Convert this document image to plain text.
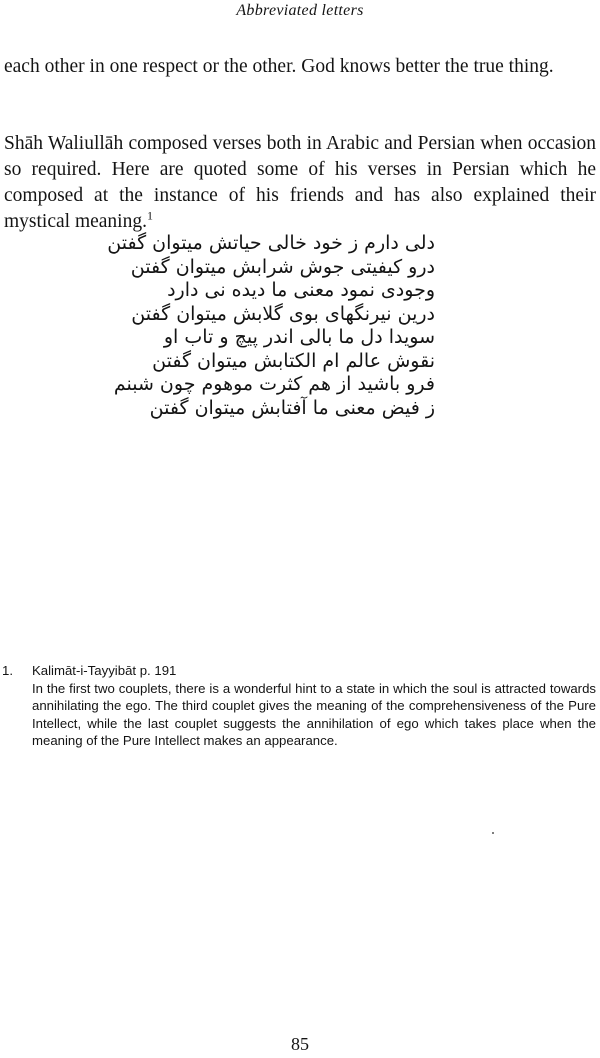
Abbreviated letters

each other in one respect or the other. God knows better the true thing.

Shāh Waliullāh composed verses both in Arabic and Persian when occasion so required. Here are quoted some of his verses in Persian which he composed at the instance of his friends and has also explained their mystical meaning.$^1$

دلی دارم ز خود خالی حیاتش میتوان گفتن
درو کیفیتی جوش شرابش میتوان گفتن
وجودی نمود معنی ما دیده نی دارد
درین نیرنگهای بوی گلابش میتوان گفتن
سویدا دل ما بالی اندر پیچ و تاب او
نقوش عالم ام الکتابش میتوان گفتن
فرو باشید از هم کثرت موهوم چون شبنم
ز فیض معنی ما آفتابش میتوان گفتن
1.	Kalimāt-i-Tayyibāt p. 191

In the first two couplets, there is a wonderful hint to a state in which the soul is attracted towards annihilating the ego. The third couplet gives the meaning of the comprehensiveness of the Pure Intellect, while the last couplet suggests the annihilation of ego which takes place when the meaning of the Pure Intellect makes an appearance.

85
